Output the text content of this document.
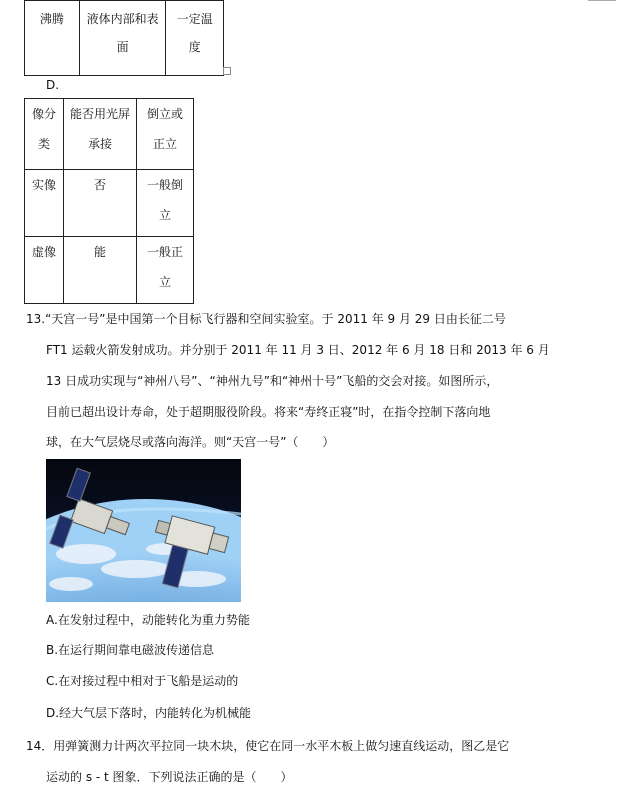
沸腾	液体内部和表面	一定温度
D.
像分类	能否用光屏承接	倒立或正立
实像	否	一般倒立
虚像	能	一般正立
13.“天宫一号”是中国第一个目标飞行器和空间实验室。于 2011 年 9 月 29 日由长征二号
FT1 运载火箭发射成功。并分别于 2011 年 11 月 3 日、2012 年 6 月 18 日和 2013 年 6 月
13 日成功实现与“神州八号”、“神州九号”和“神州十号”飞船的交会对接。如图所示，
目前已超出设计寿命，处于超期服役阶段。将来“寿终正寝”时，在指令控制下落向地
球，在大气层烧尽或落向海洋。则“天宫一号”（　　）
A.在发射过程中，动能转化为重力势能
B.在运行期间靠电磁波传递信息
C.在对接过程中相对于飞船是运动的
D.经大气层下落时，内能转化为机械能
14．用弹簧测力计两次平拉同一块木块，使它在同一水平木板上做匀速直线运动，图乙是它
运动的 s - t 图象．下列说法正确的是（　　）
